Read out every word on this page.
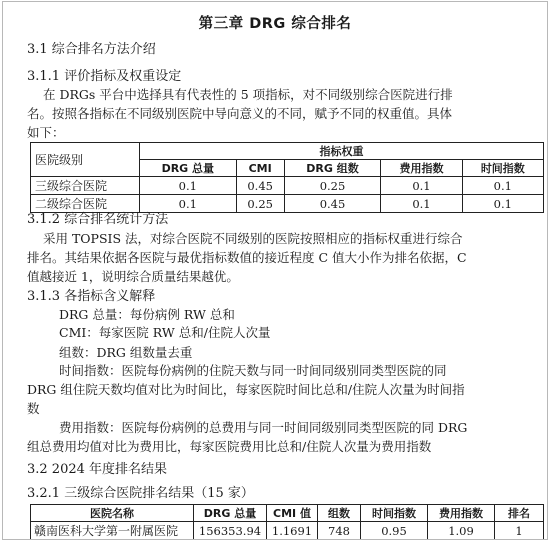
第三章 DRG 综合排名
3.1 综合排名方法介绍
3.1.1 评价指标及权重设定
在 DRGs 平台中选择具有代表性的 5 项指标，对不同级别综合医院进行排
名。按照各指标在不同级别医院中导向意义的不同，赋予不同的权重值。具体
如下：
医院级别	指标权重				
	DRG 总量	CMI	DRG 组数	费用指数	时间指数
三级综合医院	0.1	0.45	0.25	0.1	0.1
二级综合医院	0.1	0.25	0.45	0.1	0.1
3.1.2 综合排名统计方法
采用 TOPSIS 法，对综合医院不同级别的医院按照相应的指标权重进行综合
排名。其结果依据各医院与最优指标数值的接近程度 C 值大小作为排名依据，C
值越接近 1，说明综合质量结果越优。
3.1.3 各指标含义解释
DRG 总量：每份病例 RW 总和
CMI：每家医院 RW 总和/住院人次量
组数：DRG 组数量去重
时间指数：医院每份病例的住院天数与同一时间同级别同类型医院的同
DRG 组住院天数均值对比为时间比，每家医院时间比总和/住院人次量为时间指
数
费用指数：医院每份病例的总费用与同一时间同级别同类型医院的同 DRG
组总费用均值对比为费用比，每家医院费用比总和/住院人次量为费用指数
3.2 2024 年度排名结果
3.2.1 三级综合医院排名结果（15 家）
医院名称	DRG 总量	CMI 值	组数	时间指数	费用指数	排名
赣南医科大学第一附属医院	156353.94	1.1691	748	0.95	1.09	1
